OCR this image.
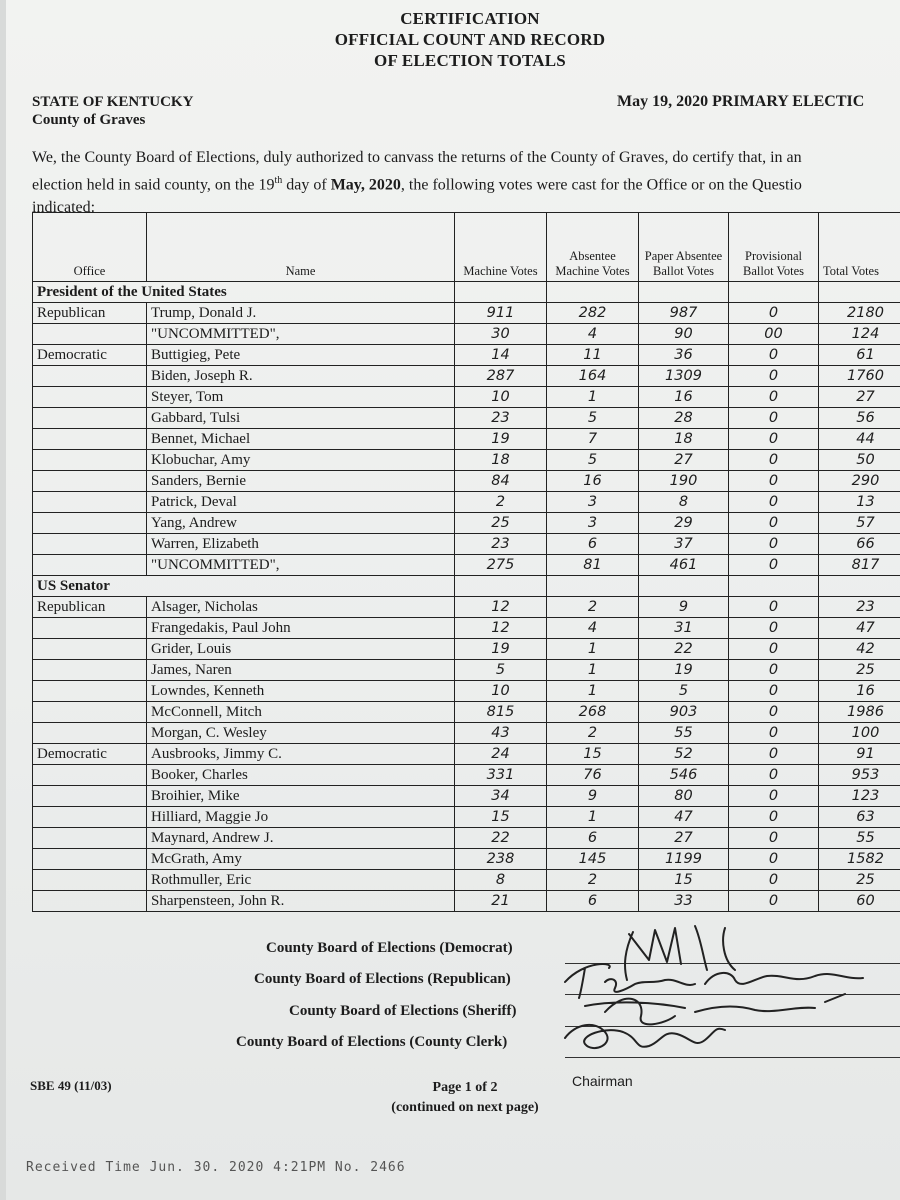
CERTIFICATION
OFFICIAL COUNT AND RECORD
OF ELECTION TOTALS
STATE OF KENTUCKY
County of Graves
May 19, 2020 PRIMARY ELECTIC
We, the County Board of Elections, duly authorized to canvass the returns of the County of Graves, do certify that, in an
election held in said county, on the 19th day of May, 2020, the following votes were cast for the Office or on the Questio
indicated:
Office	Name	Machine Votes	Absentee Machine Votes	Paper Absentee Ballot Votes	Provisional Ballot Votes	Total Votes
President of the United States						
Republican	Trump, Donald J.	911	282	987	0	2180
	"UNCOMMITTED",	30	4	90	00	124
Democratic	Buttigieg, Pete	14	11	36	0	61
	Biden, Joseph R.	287	164	1309	0	1760
	Steyer, Tom	10	1	16	0	27
	Gabbard, Tulsi	23	5	28	0	56
	Bennet, Michael	19	7	18	0	44
	Klobuchar, Amy	18	5	27	0	50
	Sanders, Bernie	84	16	190	0	290
	Patrick, Deval	2	3	8	0	13
	Yang, Andrew	25	3	29	0	57
	Warren, Elizabeth	23	6	37	0	66
	"UNCOMMITTED",	275	81	461	0	817
US Senator						
Republican	Alsager, Nicholas	12	2	9	0	23
	Frangedakis, Paul John	12	4	31	0	47
	Grider, Louis	19	1	22	0	42
	James, Naren	5	1	19	0	25
	Lowndes, Kenneth	10	1	5	0	16
	McConnell, Mitch	815	268	903	0	1986
	Morgan, C. Wesley	43	2	55	0	100
Democratic	Ausbrooks, Jimmy C.	24	15	52	0	91
	Booker, Charles	331	76	546	0	953
	Broihier, Mike	34	9	80	0	123
	Hilliard, Maggie Jo	15	1	47	0	63
	Maynard, Andrew J.	22	6	27	0	55
	McGrath, Amy	238	145	1199	0	1582
	Rothmuller, Eric	8	2	15	0	25
	Sharpensteen, John R.	21	6	33	0	60
County Board of Elections (Democrat)
County Board of Elections (Republican)
County Board of Elections (Sheriff)
County Board of Elections (County Clerk)
SBE 49 (11/03)	Page 1 of 2
(continued on next page)
Chairman
Received Time Jun. 30. 2020 4:21PM No. 2466
